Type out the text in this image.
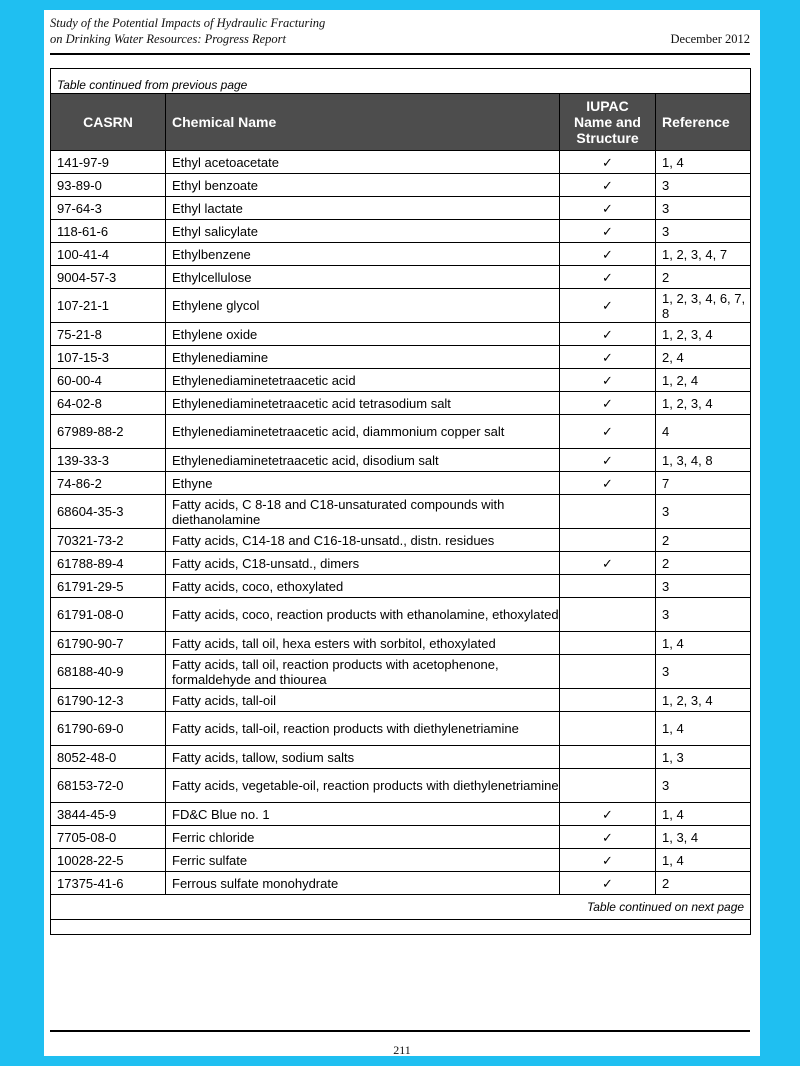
Study of the Potential Impacts of Hydraulic Fracturing
on Drinking Water Resources: Progress Report	December 2012
Table continued from previous page			
CASRN	Chemical Name	IUPAC
Name and
Structure	Reference
141-97-9	Ethyl acetoacetate	✓	1, 4
93-89-0	Ethyl benzoate	✓	3
97-64-3	Ethyl lactate	✓	3
118-61-6	Ethyl salicylate	✓	3
100-41-4	Ethylbenzene	✓	1, 2, 3, 4, 7
9004-57-3	Ethylcellulose	✓	2
107-21-1	Ethylene glycol	✓	1, 2, 3, 4, 6, 7, 8
75-21-8	Ethylene oxide	✓	1, 2, 3, 4
107-15-3	Ethylenediamine	✓	2, 4
60-00-4	Ethylenediaminetetraacetic acid	✓	1, 2, 4
64-02-8	Ethylenediaminetetraacetic acid tetrasodium salt	✓	1, 2, 3, 4
67989-88-2	Ethylenediaminetetraacetic acid, diammonium copper salt	✓	4
139-33-3	Ethylenediaminetetraacetic acid, disodium salt	✓	1, 3, 4, 8
74-86-2	Ethyne	✓	7
68604-35-3	Fatty acids, C 8-18 and C18-unsaturated compounds with diethanolamine		3
70321-73-2	Fatty acids, C14-18 and C16-18-unsatd., distn. residues		2
61788-89-4	Fatty acids, C18-unsatd., dimers	✓	2
61791-29-5	Fatty acids, coco, ethoxylated		3
61791-08-0	Fatty acids, coco, reaction products with ethanolamine, ethoxylated		3
61790-90-7	Fatty acids, tall oil, hexa esters with sorbitol, ethoxylated		1, 4
68188-40-9	Fatty acids, tall oil, reaction products with acetophenone, formaldehyde and thiourea		3
61790-12-3	Fatty acids, tall-oil		1, 2, 3, 4
61790-69-0	Fatty acids, tall-oil, reaction products with diethylenetriamine		1, 4
8052-48-0	Fatty acids, tallow, sodium salts		1, 3
68153-72-0	Fatty acids, vegetable-oil, reaction products with diethylenetriamine		3
3844-45-9	FD&C Blue no. 1	✓	1, 4
7705-08-0	Ferric chloride	✓	1, 3, 4
10028-22-5	Ferric sulfate	✓	1, 4
17375-41-6	Ferrous sulfate monohydrate	✓	2
Table continued on next page			

211
